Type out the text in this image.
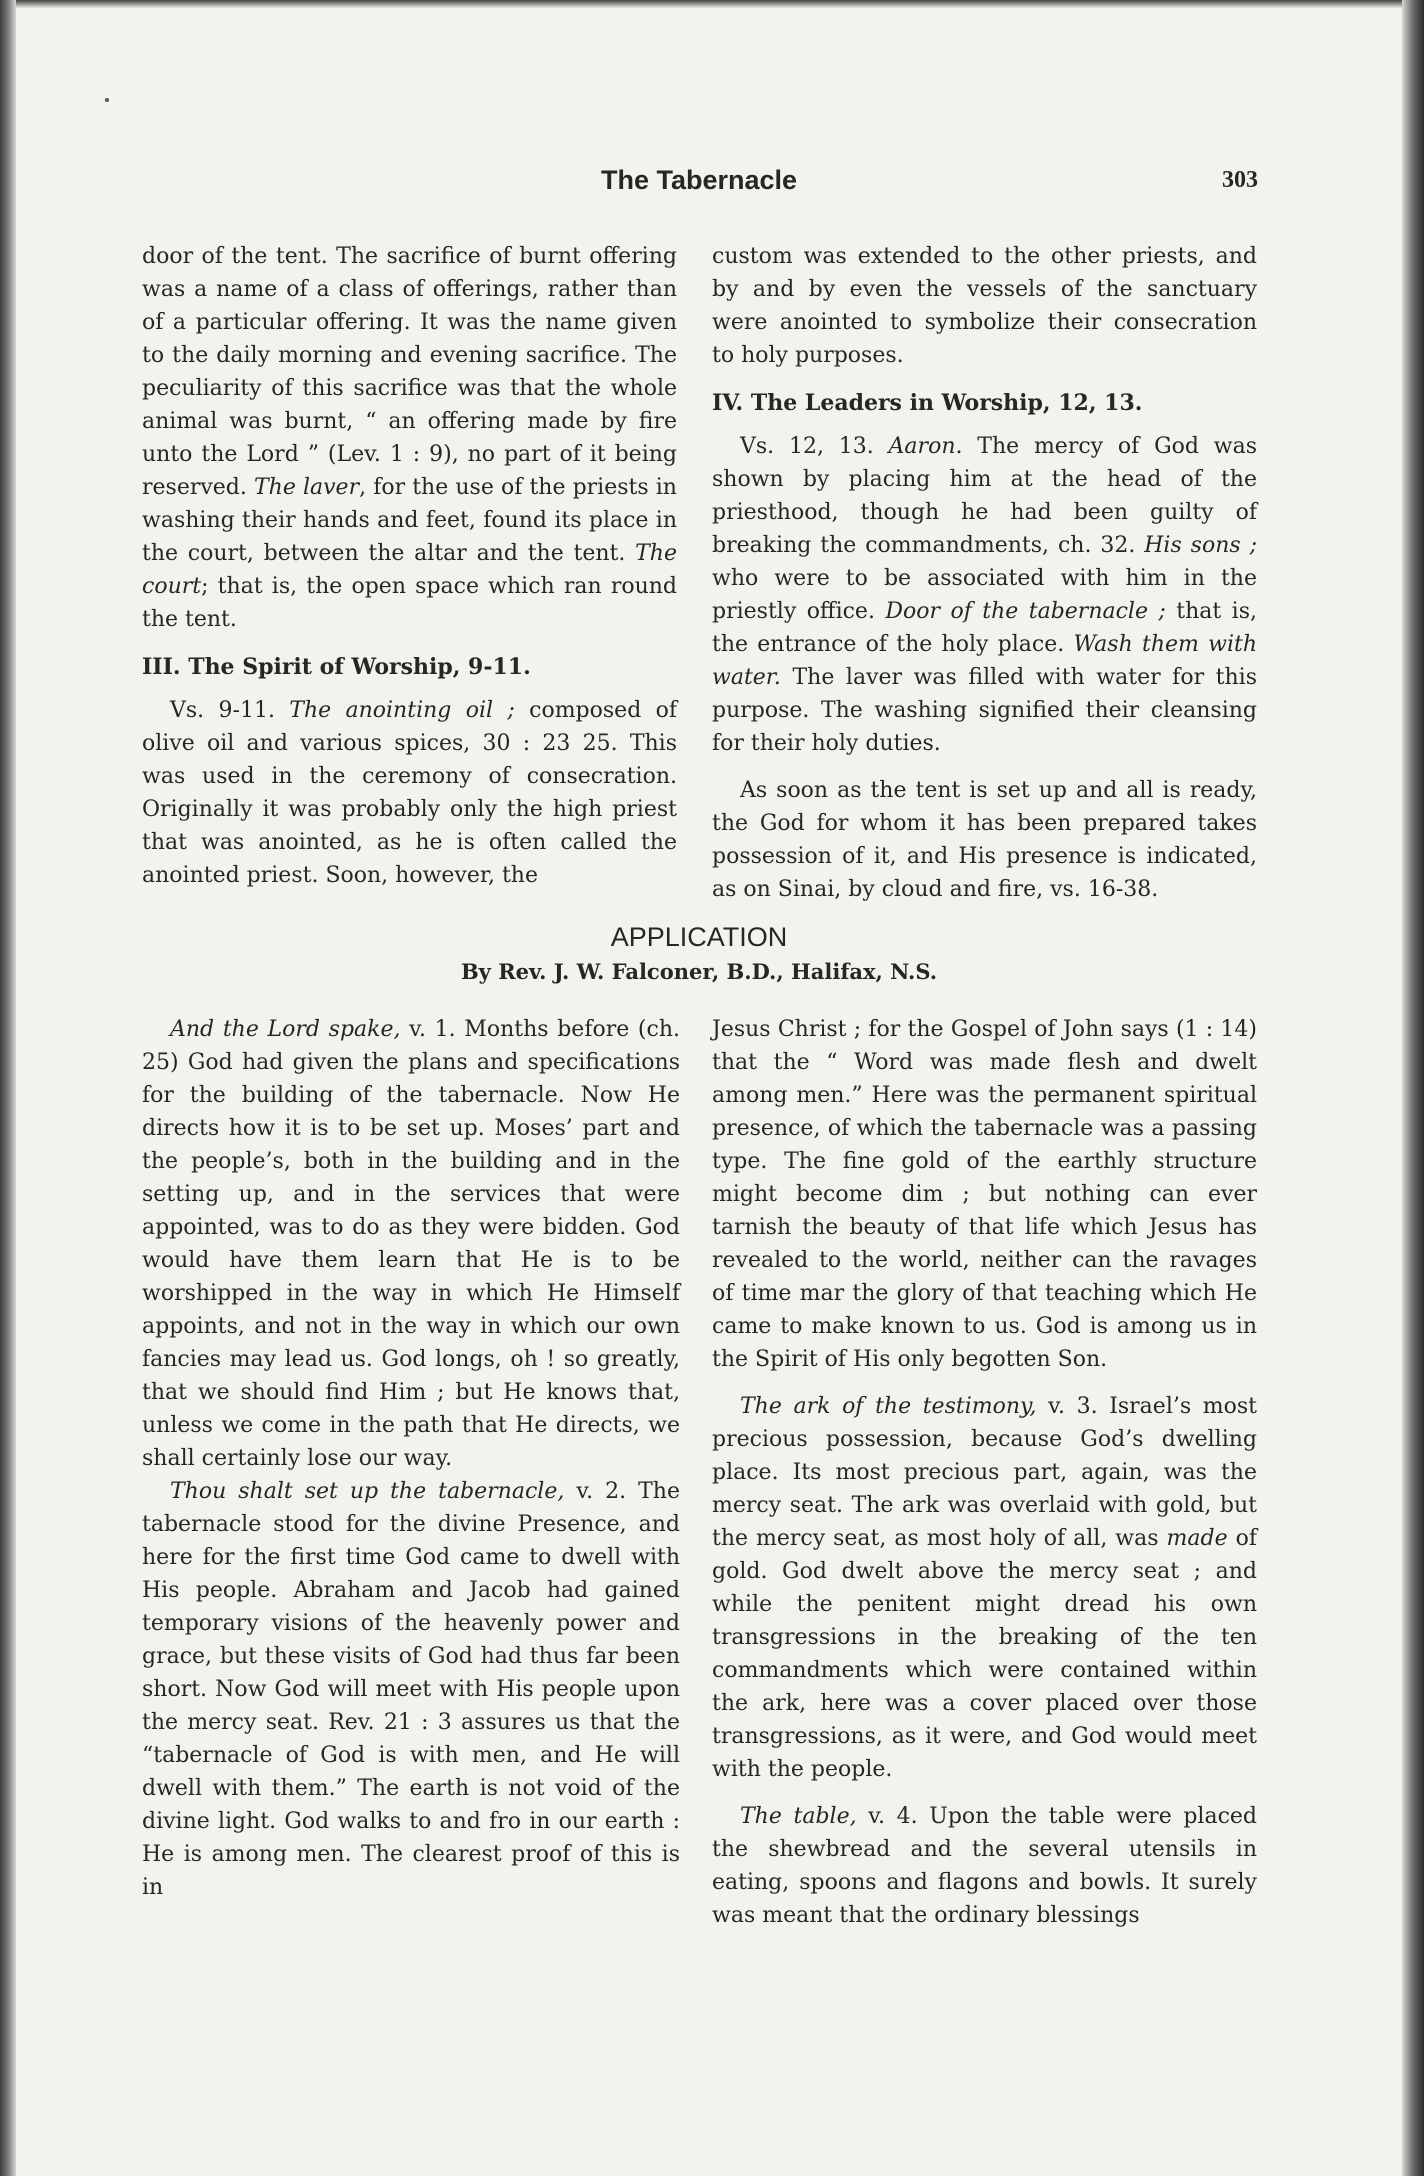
The Tabernacle	303

door of the tent. The sacrifice of burnt offering was a name of a class of offerings, rather than of a particular offering. It was the name given to the daily morning and evening sacrifice. The peculiarity of this sacrifice was that the whole animal was burnt, “ an offering made by fire unto the Lord ” (Lev. 1 : 9), no part of it being reserved. The laver, for the use of the priests in washing their hands and feet, found its place in the court, between the altar and the tent. The court; that is, the open space which ran round the tent.

III. The Spirit of Worship, 9-11.

Vs. 9-11. The anointing oil ; composed of olive oil and various spices, 30 : 23 25. This was used in the ceremony of consecration. Originally it was probably only the high priest that was anointed, as he is often called the anointed priest. Soon, however, the

custom was extended to the other priests, and by and by even the vessels of the sanctuary were anointed to symbolize their consecration to holy purposes.

IV. The Leaders in Worship, 12, 13.

Vs. 12, 13. Aaron. The mercy of God was shown by placing him at the head of the priesthood, though he had been guilty of breaking the commandments, ch. 32. His sons ; who were to be associated with him in the priestly office. Door of the tabernacle ; that is, the entrance of the holy place. Wash them with water. The laver was filled with water for this purpose. The washing signified their cleansing for their holy duties.

As soon as the tent is set up and all is ready, the God for whom it has been prepared takes possession of it, and His presence is indicated, as on Sinai, by cloud and fire, vs. 16-38.

APPLICATION
By Rev. J. W. Falconer, B.D., Halifax, N.S.

And the Lord spake, v. 1. Months before (ch. 25) God had given the plans and specifications for the building of the tabernacle. Now He directs how it is to be set up. Moses’ part and the people’s, both in the building and in the setting up, and in the services that were appointed, was to do as they were bidden. God would have them learn that He is to be worshipped in the way in which He Himself appoints, and not in the way in which our own fancies may lead us. God longs, oh ! so greatly, that we should find Him ; but He knows that, unless we come in the path that He directs, we shall certainly lose our way.

Thou shalt set up the tabernacle, v. 2. The tabernacle stood for the divine Presence, and here for the first time God came to dwell with His people. Abraham and Jacob had gained temporary visions of the heavenly power and grace, but these visits of God had thus far been short. Now God will meet with His people upon the mercy seat. Rev. 21 : 3 assures us that the “tabernacle of God is with men, and He will dwell with them.” The earth is not void of the divine light. God walks to and fro in our earth : He is among men. The clearest proof of this is in

Jesus Christ ; for the Gospel of John says (1 : 14) that the “ Word was made flesh and dwelt among men.” Here was the permanent spiritual presence, of which the tabernacle was a passing type. The fine gold of the earthly structure might become dim ; but nothing can ever tarnish the beauty of that life which Jesus has revealed to the world, neither can the ravages of time mar the glory of that teaching which He came to make known to us. God is among us in the Spirit of His only begotten Son.

The ark of the testimony, v. 3. Israel’s most precious possession, because God’s dwelling place. Its most precious part, again, was the mercy seat. The ark was overlaid with gold, but the mercy seat, as most holy of all, was made of gold. God dwelt above the mercy seat ; and while the penitent might dread his own transgressions in the breaking of the ten commandments which were contained within the ark, here was a cover placed over those transgressions, as it were, and God would meet with the people.

The table, v. 4. Upon the table were placed the shewbread and the several utensils in eating, spoons and flagons and bowls. It surely was meant that the ordinary blessings
